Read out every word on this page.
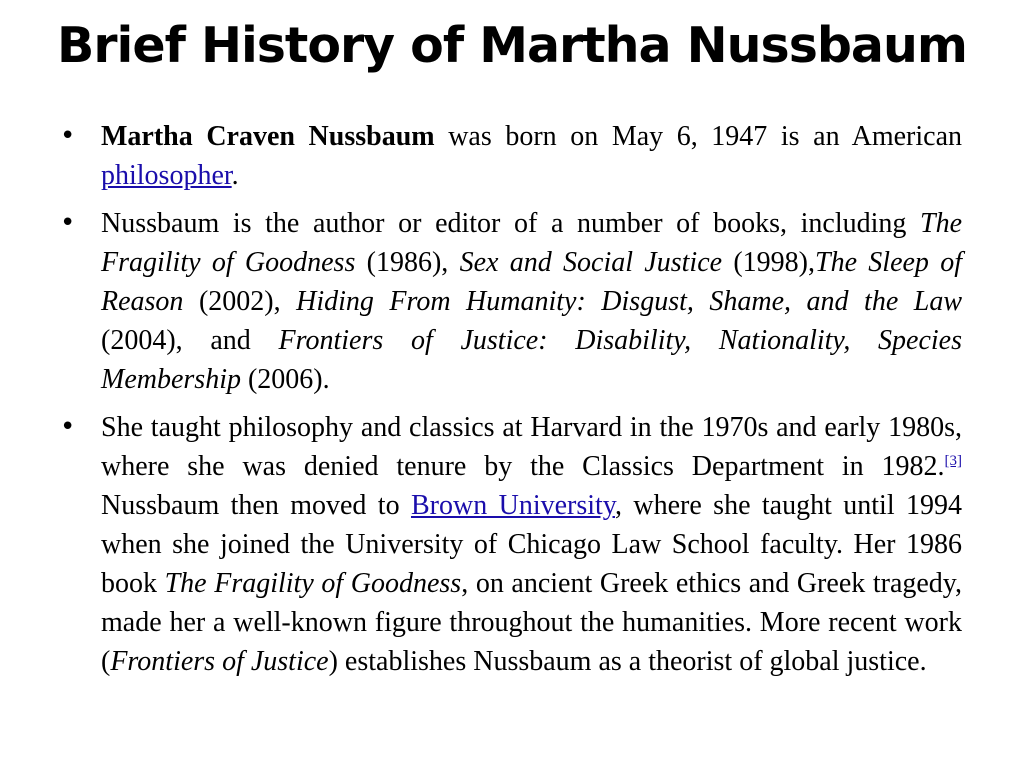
Brief History of Martha Nussbaum
• Martha Craven Nussbaum was born on May 6, 1947 is an American philosopher.
• Nussbaum is the author or editor of a number of books, including The Fragility of Goodness (1986), Sex and Social Justice (1998),The Sleep of Reason (2002), Hiding From Humanity: Disgust, Shame, and the Law (2004), and Frontiers of Justice: Disability, Nationality, Species Membership (2006).
• She taught philosophy and classics at Harvard in the 1970s and early 1980s, where she was denied tenure by the Classics Department in 1982.[3] Nussbaum then moved to Brown University, where she taught until 1994 when she joined the University of Chicago Law School faculty. Her 1986 book The Fragility of Goodness, on ancient Greek ethics and Greek tragedy, made her a well-known figure throughout the humanities. More recent work (Frontiers of Justice) establishes Nussbaum as a theorist of global justice.
